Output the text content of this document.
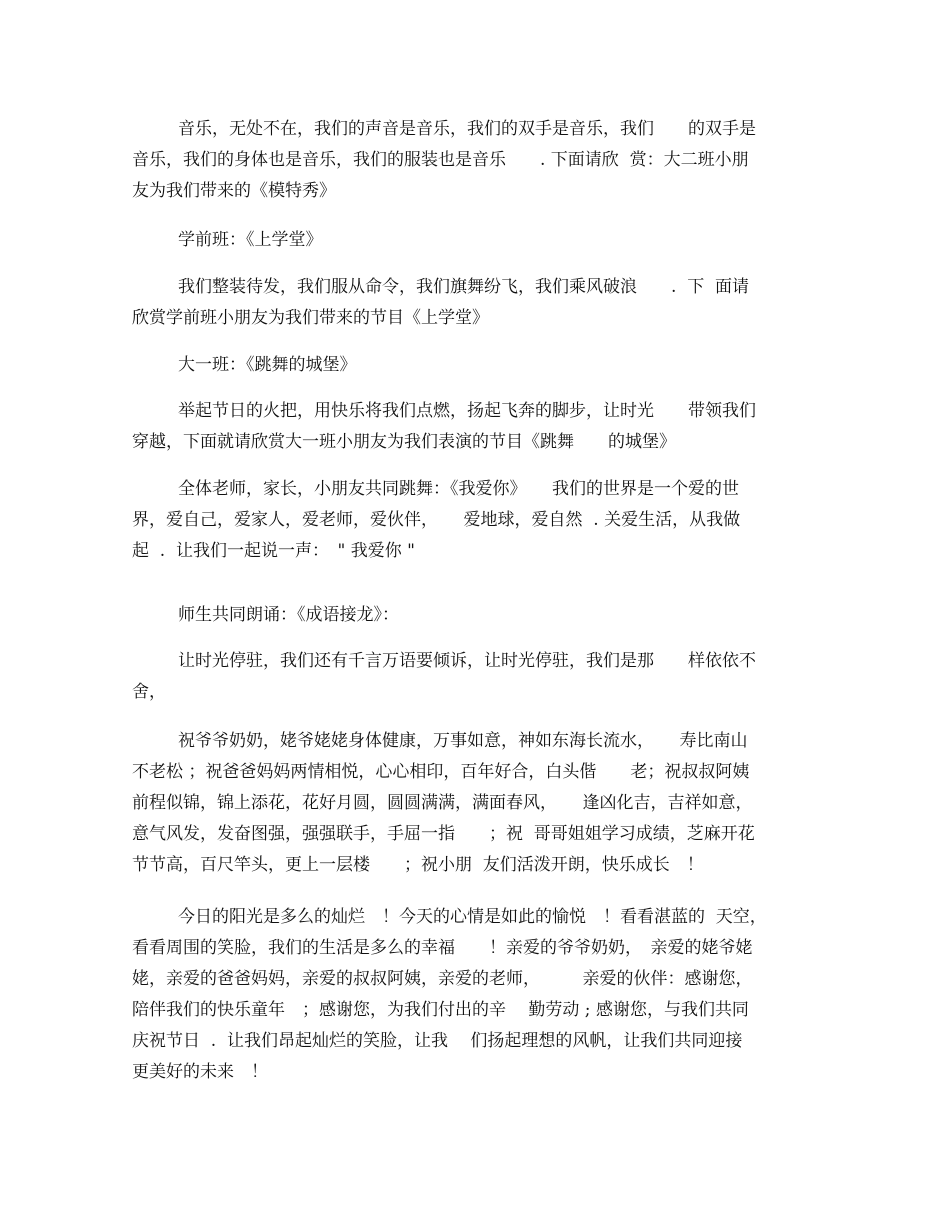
音乐，无处不在，我们的声音是音乐，我们的双手是音乐，我们　　的双手是
音乐，我们的身体也是音乐，我们的服装也是音乐　　. 下面请欣  赏：大二班小朋
友为我们带来的《模特秀》
学前班：《上学堂》
我们整装待发，我们服从命令，我们旗舞纷飞，我们乘风破浪　　.  下  面请
欣赏学前班小朋友为我们带来的节目《上学堂》
大一班：《跳舞的城堡》
举起节日的火把，用快乐将我们点燃，扬起飞奔的脚步，让时光　　带领我们
穿越，下面就请欣赏大一班小朋友为我们表演的节目《跳舞　　的城堡》
全体老师，家长，小朋友共同跳舞：《我爱你》　　我们的世界是一个爱的世
界，爱自己，爱家人，爱老师，爱伙伴，　　爱地球，爱自然  . 关爱生活，从我做
起  .  让我们一起说一声：　" 我爱你 "
师生共同朗诵：《成语接龙》：
让时光停驻，我们还有千言万语要倾诉，让时光停驻，我们是那　　样依依不
舍，
祝爷爷奶奶，姥爷姥姥身体健康，万事如意，神如东海长流水，　　寿比南山
不老松 ；祝爸爸妈妈两情相悦，心心相印，百年好合，白头偕　　老；祝叔叔阿姨
前程似锦，锦上添花，花好月圆，圆圆满满，满面春风，　　逢凶化吉，吉祥如意，
意气风发，发奋图强，强强联手，手屈一指　　；祝  哥哥姐姐学习成绩，芝麻开花
节节高，百尺竿头，更上一层楼　　；祝小朋  友们活泼开朗，快乐成长　！
今日的阳光是多么的灿烂　！今天的心情是如此的愉悦　！看看湛蓝的  天空，
看看周围的笑脸，我们的生活是多么的幸福　　！亲爱的爷爷奶奶，　亲爱的姥爷姥
姥，亲爱的爸爸妈妈，亲爱的叔叔阿姨，亲爱的老师，　　　亲爱的伙伴：感谢您，
陪伴我们的快乐童年　；感谢您，为我们付出的辛　 勤劳动 ; 感谢您，与我们共同
庆祝节日  .  让我们昂起灿烂的笑脸，让我　 们扬起理想的风帆，让我们共同迎接
更美好的未来　！
